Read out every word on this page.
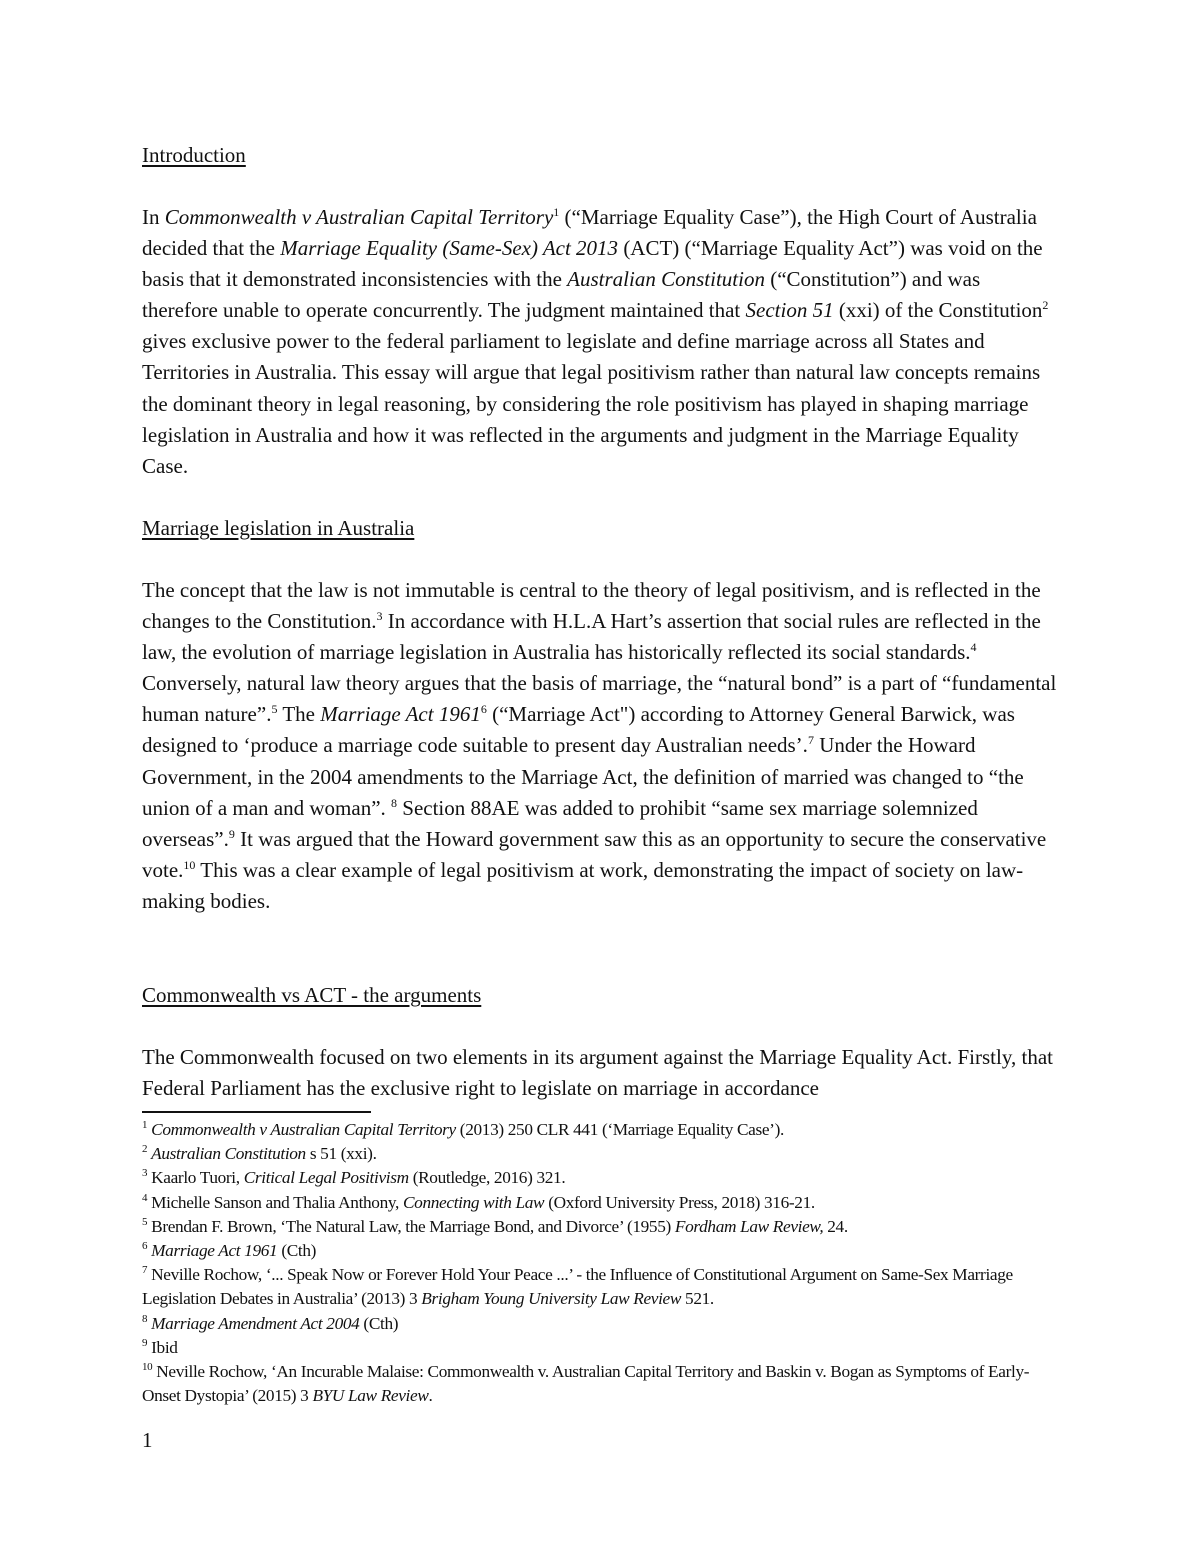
Introduction

In Commonwealth v Australian Capital Territory$^1$ (“Marriage Equality Case”), the High Court of Australia decided that the Marriage Equality (Same-Sex) Act 2013 (ACT) (“Marriage Equality Act”) was void on the basis that it demonstrated inconsistencies with the Australian Constitution (“Constitution”) and was therefore unable to operate concurrently. The judgment maintained that Section 51 (xxi) of the Constitution$^2$ gives exclusive power to the federal parliament to legislate and define marriage across all States and Territories in Australia. This essay will argue that legal positivism rather than natural law concepts remains the dominant theory in legal reasoning, by considering the role positivism has played in shaping marriage legislation in Australia and how it was reflected in the arguments and judgment in the Marriage Equality Case.

Marriage legislation in Australia

The concept that the law is not immutable is central to the theory of legal positivism, and is reflected in the changes to the Constitution.$^3$ In accordance with H.L.A Hart’s assertion that social rules are reflected in the law, the evolution of marriage legislation in Australia has historically reflected its social standards.$^4$ Conversely, natural law theory argues that the basis of marriage, the “natural bond” is a part of “fundamental human nature”.$^5$ The Marriage Act 1961$^6$ (“Marriage Act") according to Attorney General Barwick, was designed to ‘produce a marriage code suitable to present day Australian needs’.$^7$ Under the Howard Government, in the 2004 amendments to the Marriage Act, the definition of married was changed to “the union of a man and woman”. $^8$ Section 88AE was added to prohibit “same sex marriage solemnized overseas”.$^9$ It was argued that the Howard government saw this as an opportunity to secure the conservative vote.$^{10}$ This was a clear example of legal positivism at work, demonstrating the impact of society on law-making bodies.

Commonwealth vs ACT - the arguments

The Commonwealth focused on two elements in its argument against the Marriage Equality Act. Firstly, that Federal Parliament has the exclusive right to legislate on marriage in accordance

$^1$ Commonwealth v Australian Capital Territory (2013) 250 CLR 441 (‘Marriage Equality Case’).
$^2$ Australian Constitution s 51 (xxi).
$^3$ Kaarlo Tuori, Critical Legal Positivism (Routledge, 2016) 321.
$^4$ Michelle Sanson and Thalia Anthony, Connecting with Law (Oxford University Press, 2018) 316-21.
$^5$ Brendan F. Brown, ‘The Natural Law, the Marriage Bond, and Divorce’ (1955) Fordham Law Review, 24.
$^6$ Marriage Act 1961 (Cth)
$^7$ Neville Rochow, ‘... Speak Now or Forever Hold Your Peace ...’ - the Influence of Constitutional Argument on Same-Sex Marriage Legislation Debates in Australia’ (2013) 3 Brigham Young University Law Review 521.
$^8$ Marriage Amendment Act 2004 (Cth)
$^9$ Ibid
$^{10}$ Neville Rochow, ‘An Incurable Malaise: Commonwealth v. Australian Capital Territory and Baskin v. Bogan as Symptoms of Early-Onset Dystopia’ (2015) 3 BYU Law Review.
1
